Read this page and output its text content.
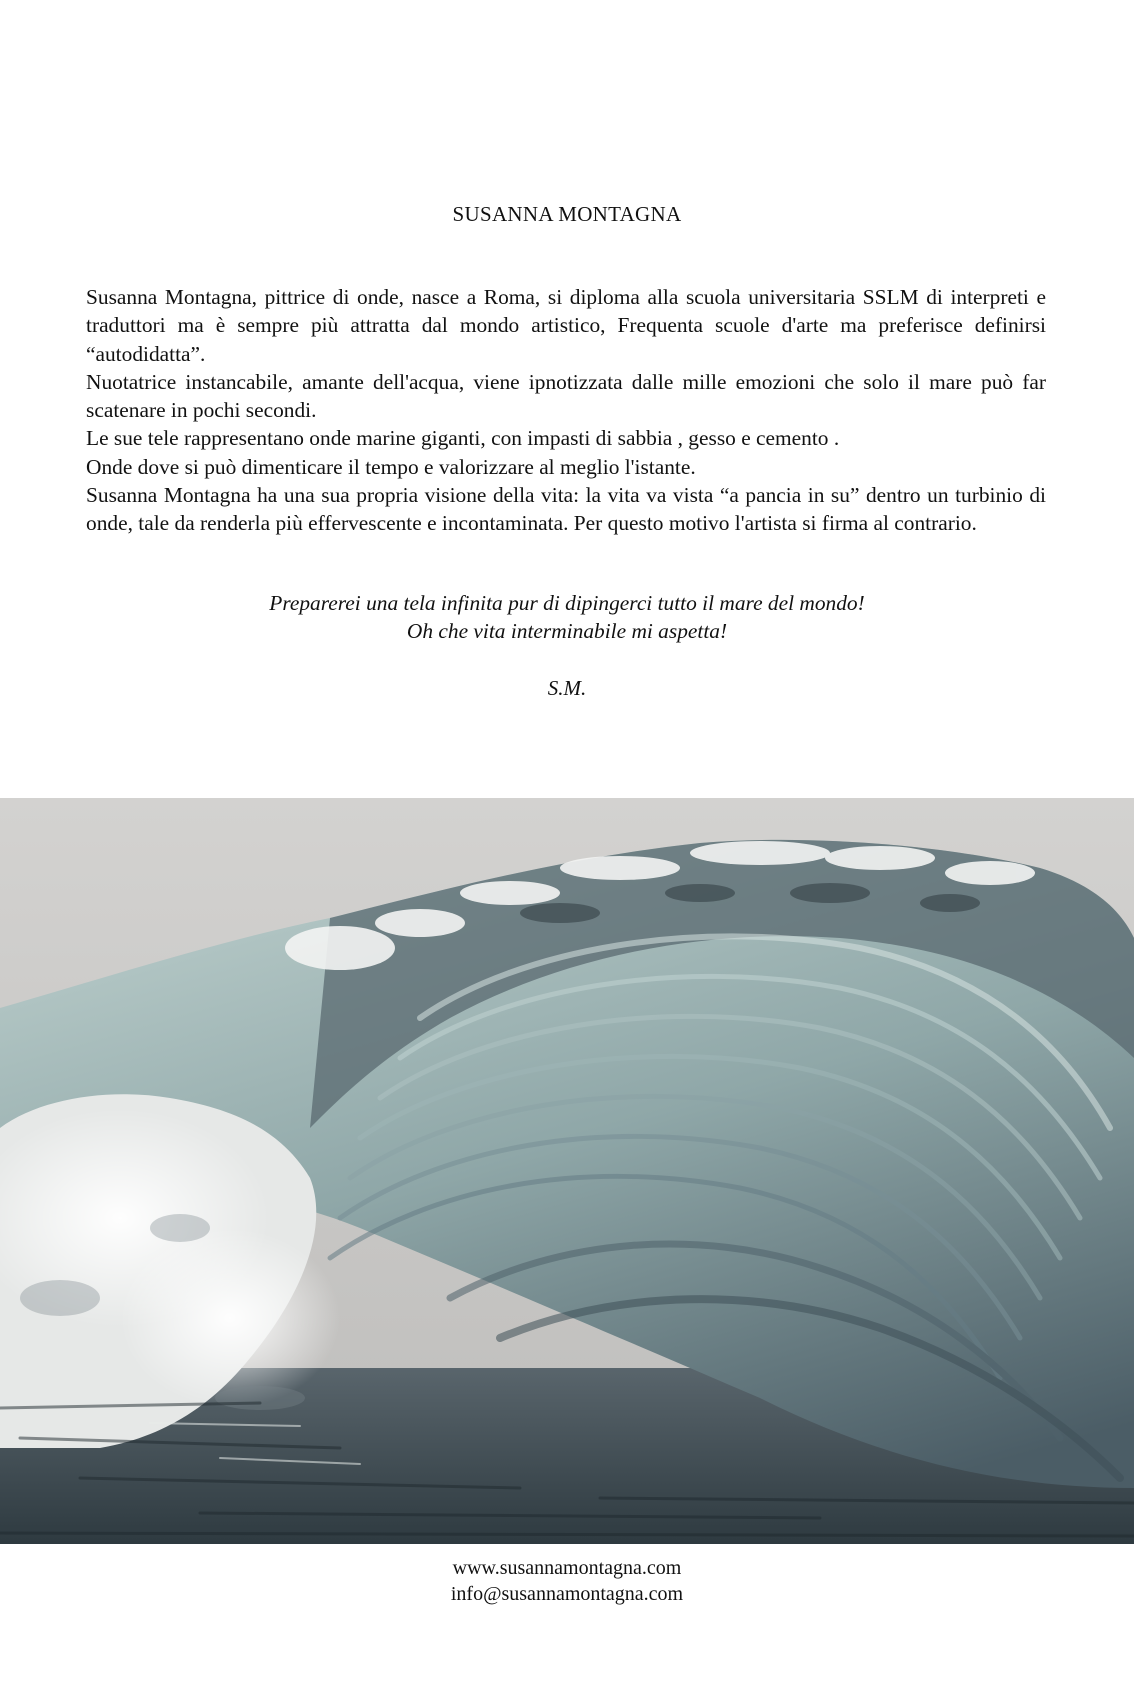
SUSANNA MONTAGNA

Susanna Montagna, pittrice di onde, nasce a Roma, si diploma alla scuola universitaria SSLM di interpreti e traduttori ma è sempre più attratta dal mondo artistico, Frequenta scuole d'arte ma preferisce definirsi “autodidatta”.

Nuotatrice instancabile, amante dell'acqua, viene ipnotizzata dalle mille emozioni che solo il mare può far scatenare in pochi secondi.

Le sue tele rappresentano onde marine giganti, con impasti di sabbia , gesso e cemento .

Onde dove si può dimenticare il tempo e valorizzare al meglio l'istante.

Susanna Montagna ha una sua propria visione della vita: la vita va vista “a pancia in su” dentro un turbinio di onde, tale da renderla più effervescente e incontaminata. Per questo motivo l'artista si firma al contrario.

Preparerei una tela infinita pur di dipingerci tutto il mare del mondo!
Oh che vita interminabile mi aspetta!
S.M.
www.susannamontagna.com
info@susannamontagna.com
